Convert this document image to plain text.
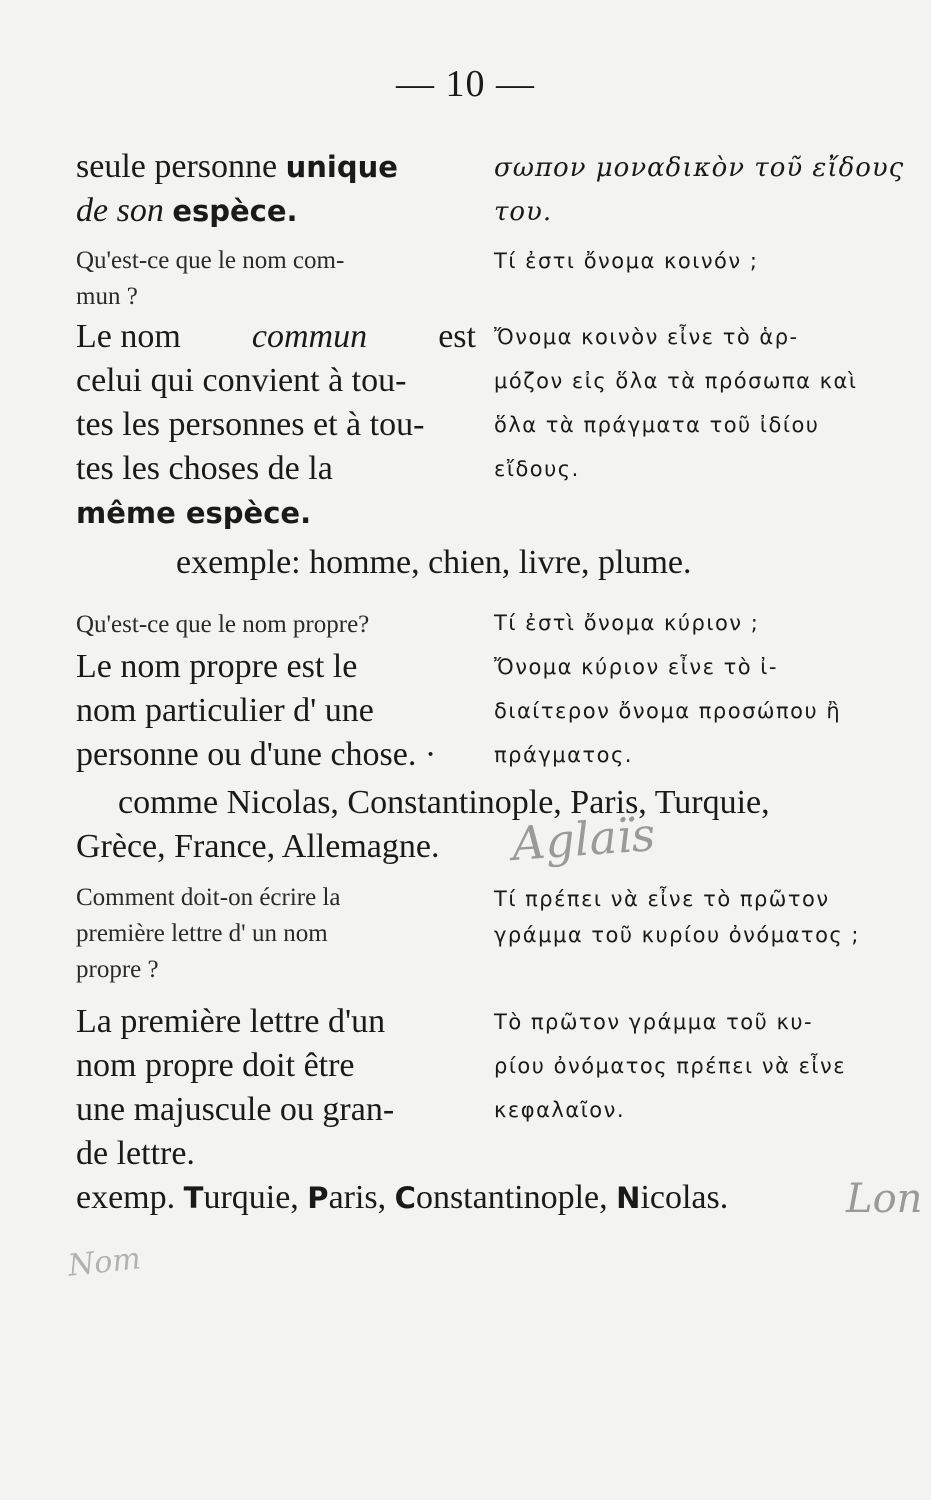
— 10 —
seule personne unique
de son espèce.
σωπον μοναδικὸν τοῦ εἴδους
του.
Qu'est-ce que le nom com-
mun ?
Τί ἐστι ὄνομα κοινόν ;
Le nom commun est
celui qui convient à tou-
tes les personnes et à tou-
tes les choses de la
même espèce.
Ὄνομα κοινὸν εἶνε τὸ ἁρ-
μόζον εἰς ὅλα τὰ πρόσωπα καὶ
ὅλα τὰ πράγματα τοῦ ἰδίου
εἴδους.
exemple: homme, chien, livre, plume.
Qu'est-ce que le nom propre?	Τί ἐστὶ ὄνομα κύριον ;
Le nom propre est le
nom particulier d' une
personne ou d'une chose. ·
Ὄνομα κύριον εἶνε τὸ ἰ-
διαίτερον ὄνομα προσώπου ἢ
πράγματος.
comme Nicolas, Constantinople, Paris, Turquie,
Grèce, France, Allemagne.
Comment doit-on écrire la
première lettre d' un nom
propre ?
Τί πρέπει νὰ εἶνε τὸ πρῶτον
γράμμα τοῦ κυρίου ὀνόματος ;
La première lettre d'un
nom propre doit être
une majuscule ou gran-
de lettre.
Τὸ πρῶτον γράμμα τοῦ κυ-
ρίου ὀνόματος πρέπει νὰ εἶνε
κεφαλαῖον.
exemp. Turquie, Paris, Constantinople, Nicolas.
Aglaïs
Lon
Nom
